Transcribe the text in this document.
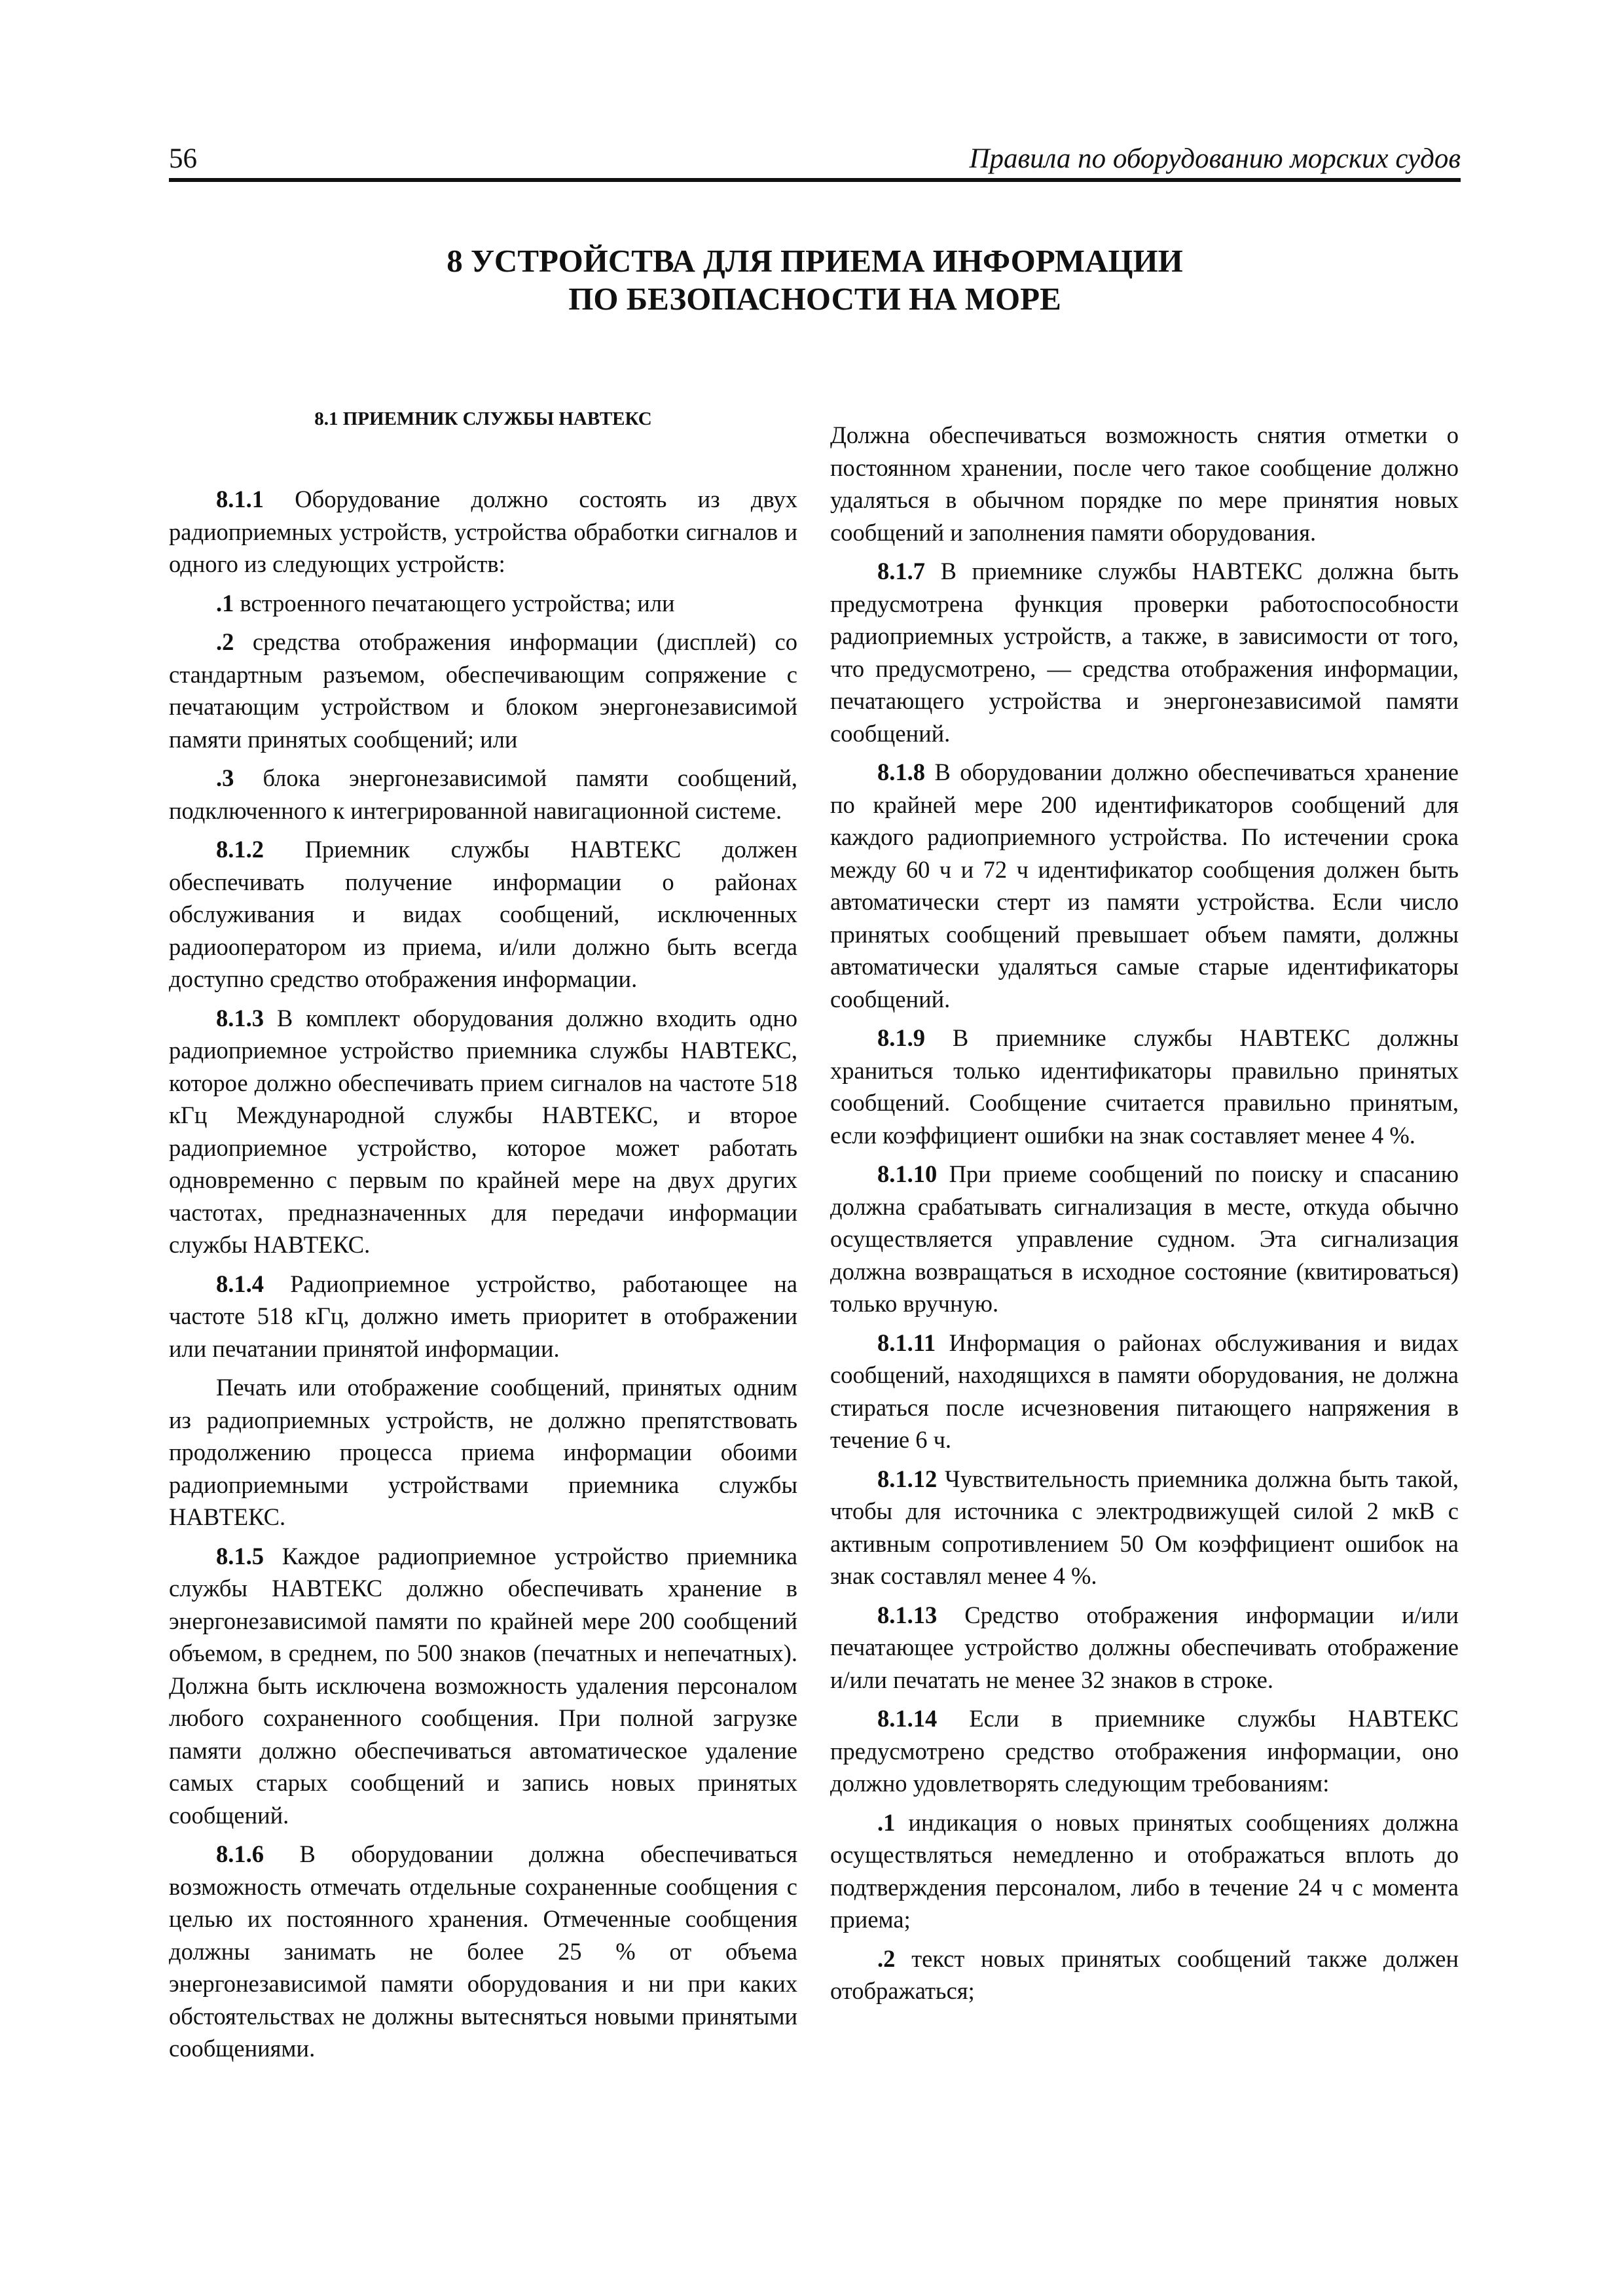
56	Правила по оборудованию морских судов
8 УСТРОЙСТВА ДЛЯ ПРИЕМА ИНФОРМАЦИИ
ПО БЕЗОПАСНОСТИ НА МОРЕ
8.1 ПРИЕМНИК СЛУЖБЫ НАВТЕКС

8.1.1 Оборудование должно состоять из двух радиоприемных устройств, устройства обработки сигналов и одного из следующих устройств:

.1 встроенного печатающего устройства; или

.2 средства отображения информации (дисплей) со стандартным разъемом, обеспечивающим сопряжение с печатающим устройством и блоком энергонезависимой памяти принятых сообщений; или

.3 блока энергонезависимой памяти сообщений, подключенного к интегрированной навигационной системе.

8.1.2 Приемник службы НАВТЕКС должен обеспечивать получение информации о районах обслуживания и видах сообщений, исключенных радиооператором из приема, и/или должно быть всегда доступно средство отображения информации.

8.1.3 В комплект оборудования должно входить одно радиоприемное устройство приемника службы НАВТЕКС, которое должно обеспечивать прием сигналов на частоте 518 кГц Международной службы НАВТЕКС, и второе радиоприемное устройство, которое может работать одновременно с первым по крайней мере на двух других частотах, предназначенных для передачи информации службы НАВТЕКС.

8.1.4 Радиоприемное устройство, работающее на частоте 518 кГц, должно иметь приоритет в отображении или печатании принятой информации.

Печать или отображение сообщений, принятых одним из радиоприемных устройств, не должно препятствовать продолжению процесса приема информации обоими радиоприемными устройствами приемника службы НАВТЕКС.

8.1.5 Каждое радиоприемное устройство приемника службы НАВТЕКС должно обеспечивать хранение в энергонезависимой памяти по крайней мере 200 сообщений объемом, в среднем, по 500 знаков (печатных и непечатных). Должна быть исключена возможность удаления персоналом любого сохраненного сообщения. При полной загрузке памяти должно обеспечиваться автоматическое удаление самых старых сообщений и запись новых принятых сообщений.

8.1.6 В оборудовании должна обеспечиваться возможность отмечать отдельные сохраненные сообщения с целью их постоянного хранения. Отмеченные сообщения должны занимать не более 25 % от объема энергонезависимой памяти оборудования и ни при каких обстоятельствах не должны вытесняться новыми принятыми сообщениями.

Должна обеспечиваться возможность снятия отметки о постоянном хранении, после чего такое сообщение должно удаляться в обычном порядке по мере принятия новых сообщений и заполнения памяти оборудования.

8.1.7 В приемнике службы НАВТЕКС должна быть предусмотрена функция проверки работоспособности радиоприемных устройств, а также, в зависимости от того, что предусмотрено, — средства отображения информации, печатающего устройства и энергонезависимой памяти сообщений.

8.1.8 В оборудовании должно обеспечиваться хранение по крайней мере 200 идентификаторов сообщений для каждого радиоприемного устройства. По истечении срока между 60 ч и 72 ч идентификатор сообщения должен быть автоматически стерт из памяти устройства. Если число принятых сообщений превышает объем памяти, должны автоматически удаляться самые старые идентификаторы сообщений.

8.1.9 В приемнике службы НАВТЕКС должны храниться только идентификаторы правильно принятых сообщений. Сообщение считается правильно принятым, если коэффициент ошибки на знак составляет менее 4 %.

8.1.10 При приеме сообщений по поиску и спасанию должна срабатывать сигнализация в месте, откуда обычно осуществляется управление судном. Эта сигнализация должна возвращаться в исходное состояние (квитироваться) только вручную.

8.1.11 Информация о районах обслуживания и видах сообщений, находящихся в памяти оборудования, не должна стираться после исчезновения питающего напряжения в течение 6 ч.

8.1.12 Чувствительность приемника должна быть такой, чтобы для источника с электродвижущей силой 2 мкВ с активным сопротивлением 50 Ом коэффициент ошибок на знак составлял менее 4 %.

8.1.13 Средство отображения информации и/или печатающее устройство должны обеспечивать отображение и/или печатать не менее 32 знаков в строке.

8.1.14 Если в приемнике службы НАВТЕКС предусмотрено средство отображения информации, оно должно удовлетворять следующим требованиям:

.1 индикация о новых принятых сообщениях должна осуществляться немедленно и отображаться вплоть до подтверждения персоналом, либо в течение 24 ч с момента приема;

.2 текст новых принятых сообщений также должен отображаться;
